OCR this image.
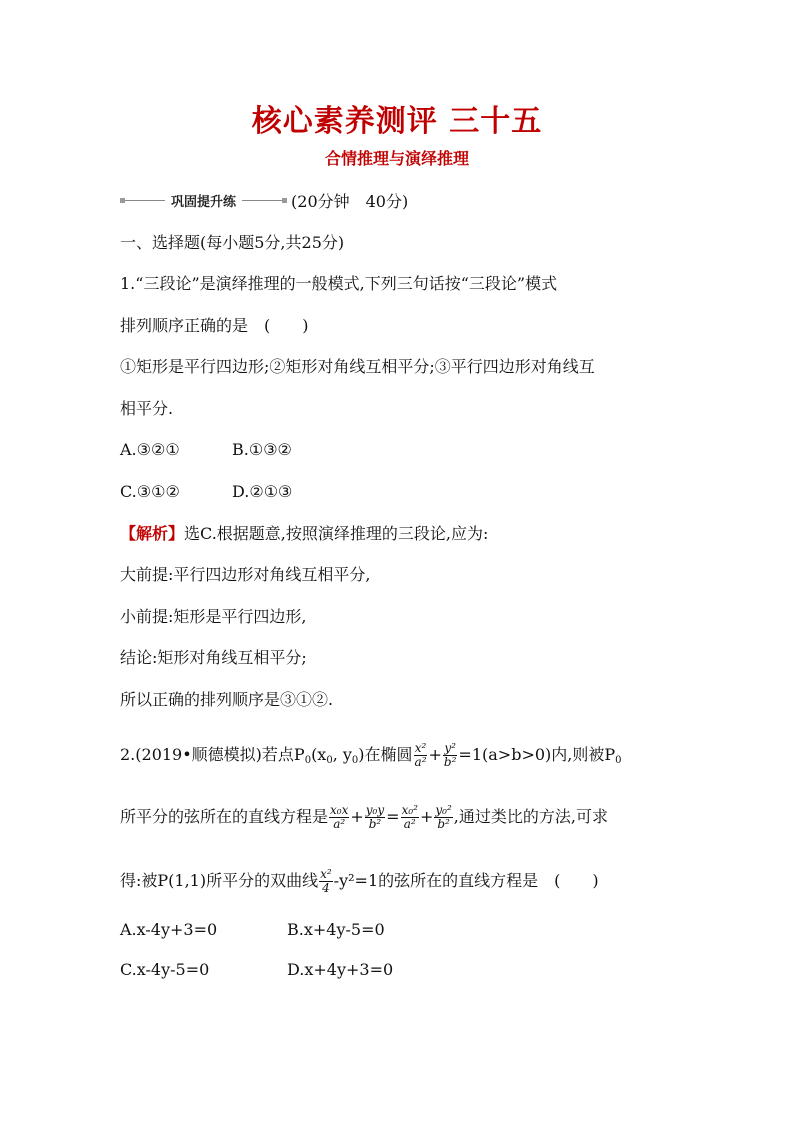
核心素养测评 三十五
合情推理与演绎推理
巩固提升练	(20分钟　40分)
一、选择题(每小题5分,共25分)
1.“三段论”是演绎推理的一般模式,下列三句话按“三段论”模式
排列顺序正确的是　(　　)
①矩形是平行四边形;②矩形对角线互相平分;③平行四边形对角线互
相平分.
A.③②①	B.①③②
C.③①②	D.②①③
【解析】选C.根据题意,按照演绎推理的三段论,应为:
大前提:平行四边形对角线互相平分,
小前提:矩形是平行四边形,
结论:矩形对角线互相平分;
所以正确的排列顺序是③①②.
2.(2019•顺德模拟)若点$P_0(x_0$, $y_0$)在椭圆 $\frac{\text{x²}}{\text{a²}} + \frac{\text{y²}}{\text{b²}} =1(a>b>0)$内,则被$P_0$
所平分的弦所在的直线方程是 $\frac{\text{x₀x}}{\text{a²}} + \frac{\text{y₀y}}{\text{b²}} = \frac{\text{x₀²}}{\text{a²}} + \frac{\text{y₀²}}{\text{b²}}$ ,通过类比的方法,可求
得:被P(1,1)所平分的双曲线 $\frac{\text{x²}}{4} -y^2=1$的弦所在的直线方程是　(　　)
A.x-4y+3=0	B.x+4y-5=0
C.x-4y-5=0	D.x+4y+3=0
